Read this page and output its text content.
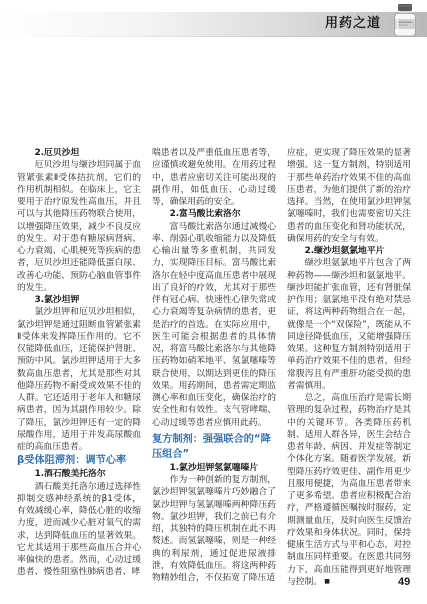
用药之道
2.厄贝沙坦

厄贝沙坦与缬沙坦同属于血管紧张素Ⅱ受体拮抗剂，它们的作用机制相似。在临床上，它主要用于治疗原发性高血压，并且可以与其他降压药物联合使用，以增强降压效果，减少不良反应的发生。对于患有糖尿病肾病、心力衰竭、心肌梗死等疾病的患者，厄贝沙坦还能降低蛋白尿、改善心功能、预防心脑血管事件的发生。

3.氯沙坦钾

氯沙坦钾和厄贝沙坦相似，氯沙坦钾是通过阻断血管紧张素Ⅱ受体来发挥降压作用的。它不仅能降低血压，还能保护肾脏、预防中风。氯沙坦钾适用于大多数高血压患者，尤其是那些对其他降压药物不耐受或效果不佳的人群。它还适用于老年人和糖尿病患者，因为其副作用较少。除了降压，氯沙坦钾还有一定的降尿酸作用，适用于并发高尿酸血症的高血压患者。

β受体阻滞剂：调节心率
1.酒石酸美托洛尔

酒石酸美托洛尔通过选择性抑制交感神经系统的β1受体，有效减缓心率，降低心脏的收缩力度，进而减少心脏对氧气的需求，达到降低血压的显著效果。它尤其适用于那些高血压合并心率偏快的患者。然而，心动过缓患者、慢性阻塞性肺病患者、哮

喘患者以及严重低血压患者等，应谨慎或避免使用。在用药过程中，患者应密切关注可能出现的副作用，如低血压、心动过缓等，确保用药的安全。

2.富马酸比索洛尔

富马酸比索洛尔通过减慢心率、削弱心肌收缩能力以及降低心输出量等多重机制，共同发力，实现降压目标。富马酸比索洛尔在轻中度高血压患者中展现出了良好的疗效，尤其对于那些伴有冠心病、快速性心律失常或心力衰竭等复杂病情的患者，更是治疗的首选。在实际应用中，医生可能会根据患者的具体情况，将富马酸比索洛尔与其他降压药物如硝苯地平、氢氯噻嗪等联合使用，以期达到更佳的降压效果。用药期间，患者需定期监测心率和血压变化，确保治疗的安全性和有效性。支气管哮喘、心动过缓等患者应慎用此药。

复方制剂：强强联合的“降压组合”
1.氯沙坦钾氢氯噻嗪片

作为一种创新的复方制剂，氯沙坦钾氢氯噻嗪片巧妙融合了氯沙坦钾与氢氯噻嗪两种降压药物。氯沙坦钾，我们之前已有介绍，其独特的降压机制在此不再赘述。而氢氯噻嗪，则是一种经典的利尿剂，通过促进尿液排泄，有效降低血压。将这两种药物精妙组合，不仅拓宽了降压适

应症，更实现了降压效果的显著增强。这一复方制剂，特别适用于那些单药治疗效果不佳的高血压患者，为他们提供了新的治疗选择。当然，在使用氯沙坦钾氢氯噻嗪时，我们也需要密切关注患者的血压变化和肾功能状况，确保用药的安全与有效。

2.缬沙坦氨氯地平片

缬沙坦氨氯地平片包含了两种药物——缬沙坦和氨氯地平。缬沙坦能扩张血管，还有肾脏保护作用；氨氯地平没有绝对禁忌证，将这两种药物组合在一起，就像是一个“双保险”，既能从不同途径降低血压，又能增强降压效果。这种复方制剂特别适用于单药治疗效果不佳的患者，但经常腹泻且有严重肝功能受损的患者需慎用。

总之，高血压治疗是需长期管理的复杂过程，药物治疗是其中的关键环节。各类降压药机制、适用人群各异，医生会结合患者年龄、病因、并发症等制定个体化方案。随着医学发展，新型降压药疗效更佳、副作用更少且服用便捷，为高血压患者带来了更多希望。患者应积极配合治疗，严格遵循医嘱按时服药，定期测量血压，及时向医生反馈治疗效果和身体状况。同时，保持健康生活方式与平和心态，对控制血压同样重要。在医患共同努力下，高血压能得到更好地管理与控制。 ■	49
